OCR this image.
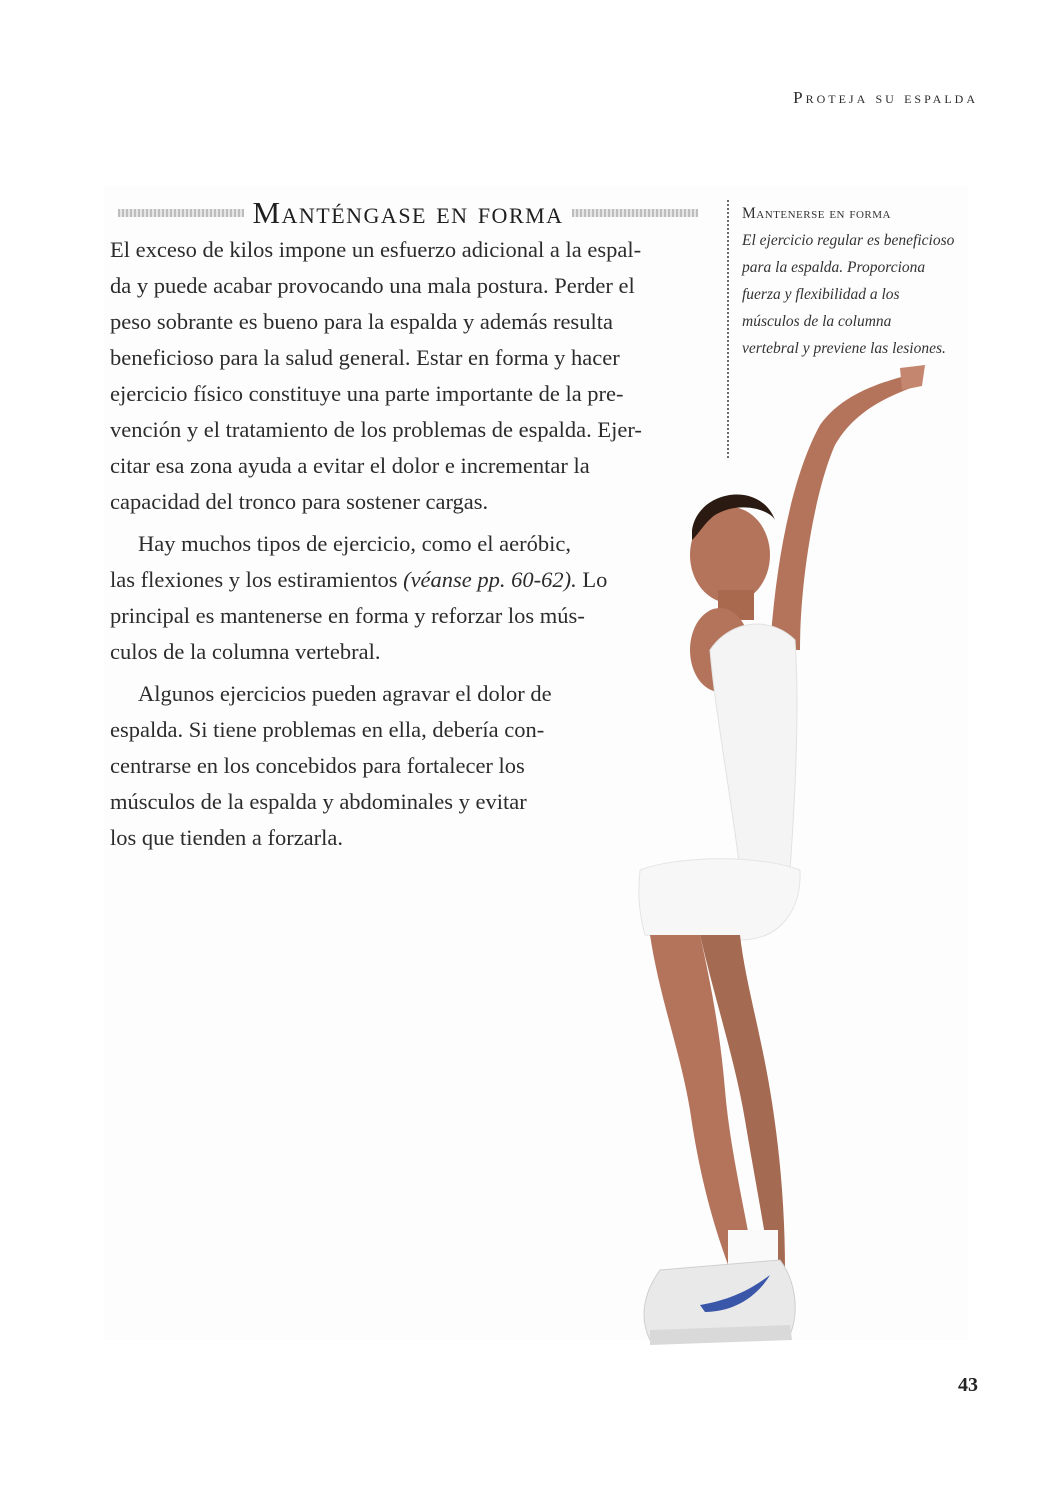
Proteja su espalda
Manténgase en forma

El exceso de kilos impone un esfuerzo adicional a la espal-
da y puede acabar provocando una mala postura. Perder el
peso sobrante es bueno para la espalda y además resulta
beneficioso para la salud general. Estar en forma y hacer
ejercicio físico constituye una parte importante de la pre-
vención y el tratamiento de los problemas de espalda. Ejer-
citar esa zona ayuda a evitar el dolor e incrementar la
capacidad del tronco para sostener cargas.

Hay muchos tipos de ejercicio, como el aeróbic,
las flexiones y los estiramientos (véanse pp. 60-62). Lo
principal es mantenerse en forma y reforzar los mús-
culos de la columna vertebral.

Algunos ejercicios pueden agravar el dolor de
espalda. Si tiene problemas en ella, debería con-
centrarse en los concebidos para fortalecer los
músculos de la espalda y abdominales y evitar
los que tienden a forzarla.

Mantenerse en forma
El ejercicio regular es beneficioso
para la espalda. Proporciona
fuerza y flexibilidad a los
músculos de la columna
vertebral y previene las lesiones.
43
